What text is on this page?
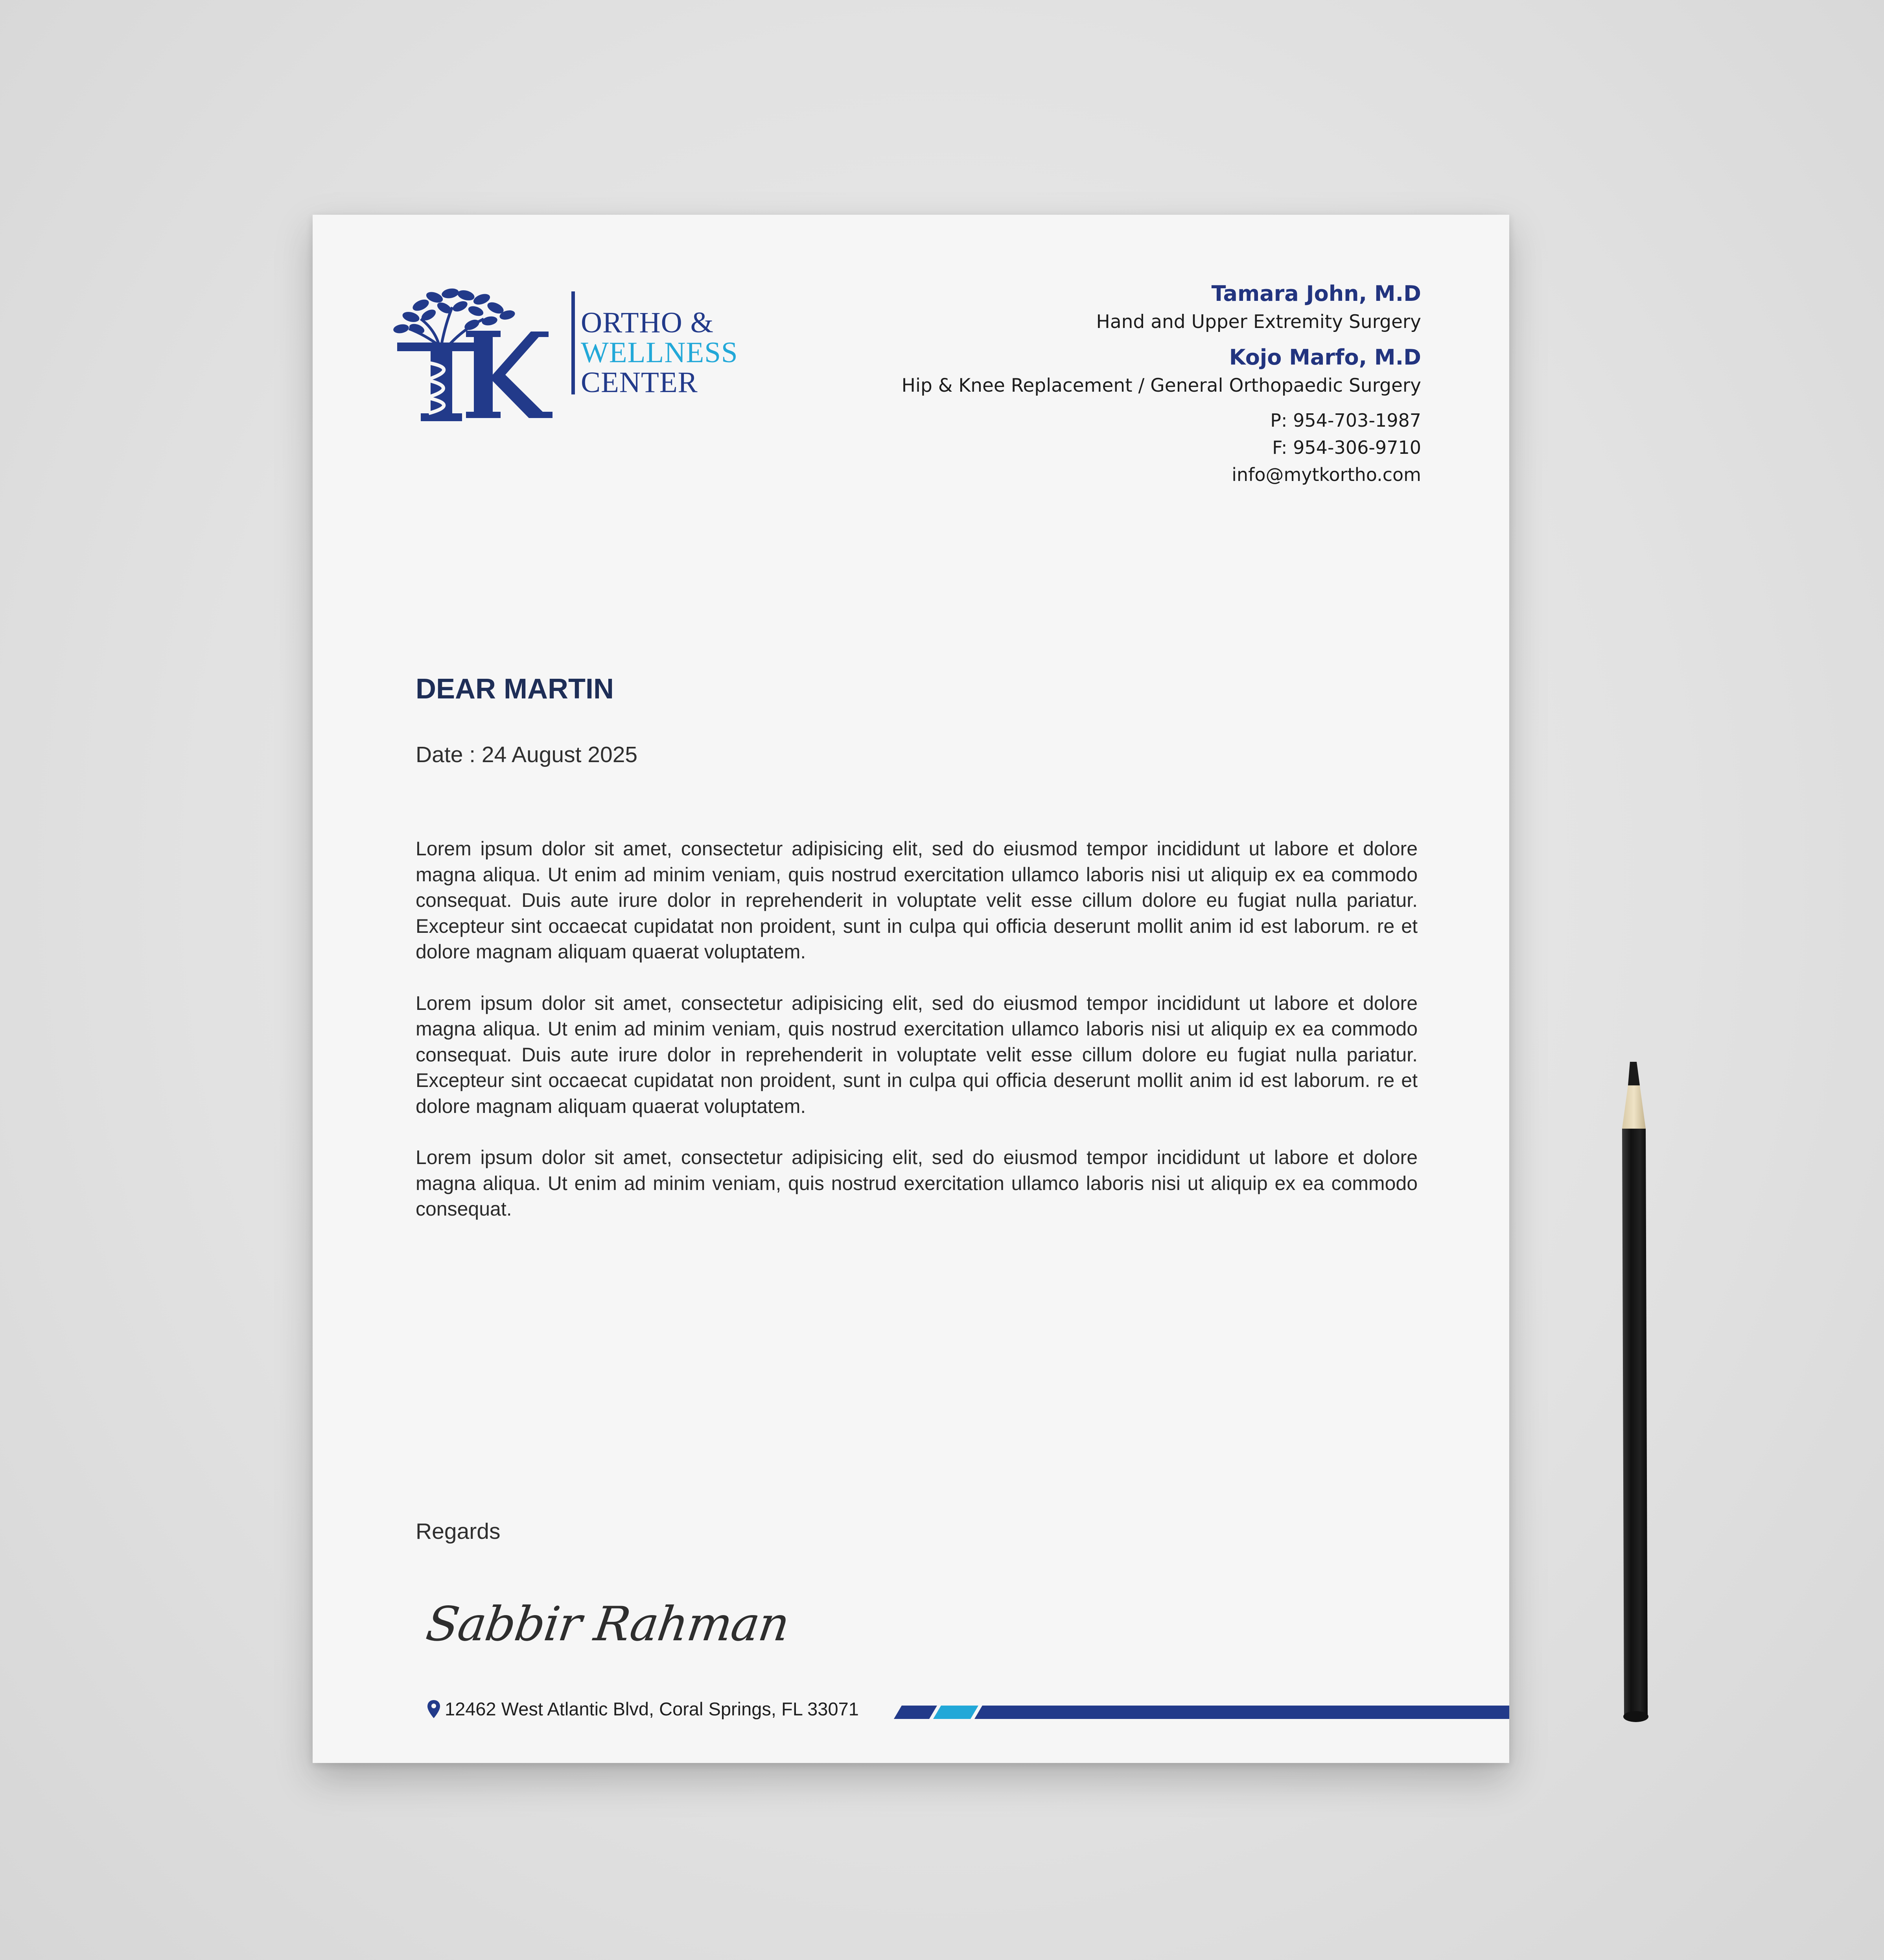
ORTHO &
WELLNESS
CENTER
Tamara John, M.D
Hand and Upper Extremity Surgery
Kojo Marfo, M.D
Hip & Knee Replacement / General Orthopaedic Surgery
P: 954-703-1987
F: 954-306-9710
info@mytkortho.com
DEAR MARTIN
Date : 24 August 2025

Lorem ipsum dolor sit amet, consectetur adipisicing elit, sed do eiusmod tempor incididunt ut labore et dolore magna aliqua. Ut enim ad minim veniam, quis nostrud exercitation ullamco laboris nisi ut aliquip ex ea commodo consequat. Duis aute irure dolor in reprehenderit in voluptate velit esse cillum dolore eu fugiat nulla pariatur. Excepteur sint occaecat cupidatat non proident, sunt in culpa qui officia deserunt mollit anim id est laborum. re et dolore magnam aliquam quaerat voluptatem.

Lorem ipsum dolor sit amet, consectetur adipisicing elit, sed do eiusmod tempor incididunt ut labore et dolore magna aliqua. Ut enim ad minim veniam, quis nostrud exercitation ullamco laboris nisi ut aliquip ex ea commodo consequat. Duis aute irure dolor in reprehenderit in voluptate velit esse cillum dolore eu fugiat nulla pariatur. Excepteur sint occaecat cupidatat non proident, sunt in culpa qui officia deserunt mollit anim id est laborum. re et dolore magnam aliquam quaerat voluptatem.

Lorem ipsum dolor sit amet, consectetur adipisicing elit, sed do eiusmod tempor incididunt ut labore et dolore magna aliqua. Ut enim ad minim veniam, quis nostrud exercitation ullamco laboris nisi ut aliquip ex ea commodo consequat.

Regards
Sabbir Rahman
12462 West Atlantic Blvd, Coral Springs, FL 33071
